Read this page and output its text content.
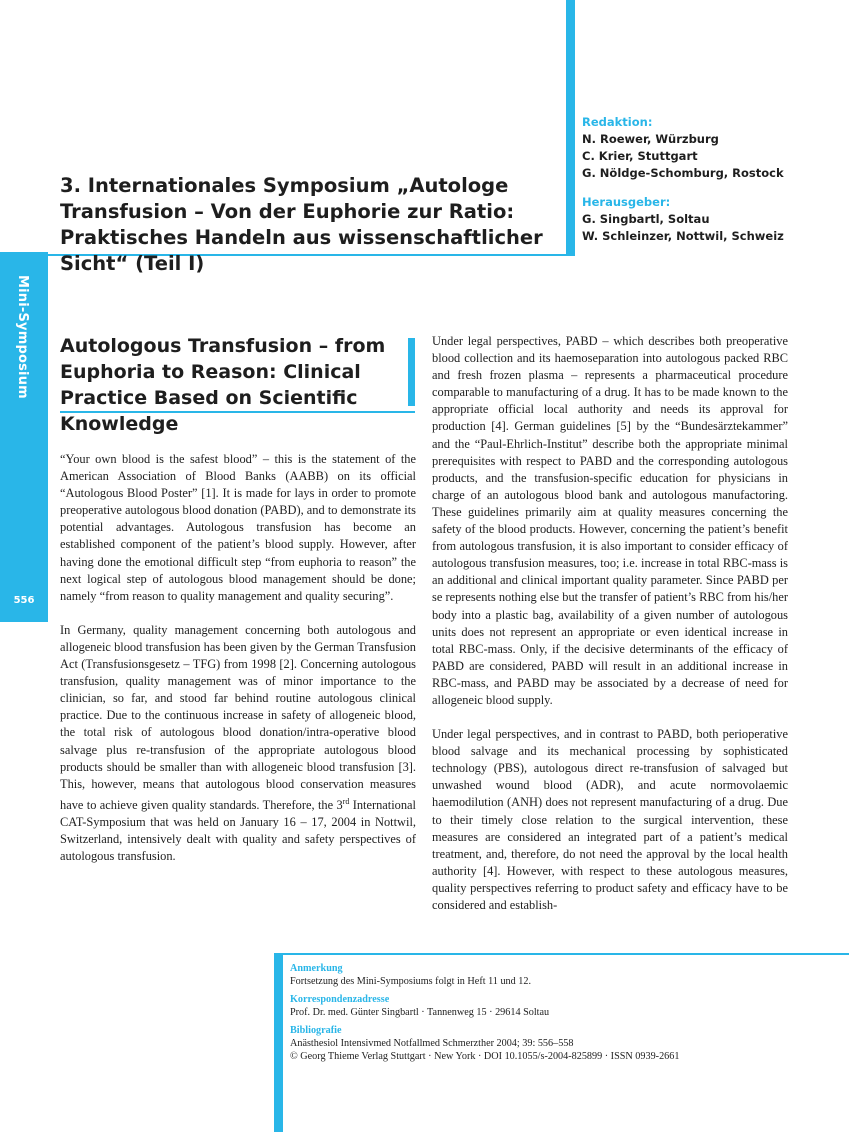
Mini-Symposium
556
Redaktion:
N. Roewer, Würzburg
C. Krier, Stuttgart
G. Nöldge-Schomburg, Rostock
Herausgeber:
G. Singbartl, Soltau
W. Schleinzer, Nottwil, Schweiz
3. Internationales Symposium „Autologe Transfusion – Von der Euphorie zur Ratio: Praktisches Handeln aus wissenschaftlicher Sicht“ (Teil I)
Autologous Transfusion – from Euphoria to Reason: Clinical Practice Based on Scientific Knowledge

“Your own blood is the safest blood” – this is the statement of the American Association of Blood Banks (AABB) on its official “Autologous Blood Poster” [1]. It is made for lays in order to promote preoperative autologous blood donation (PABD), and to demonstrate its potential advantages. Autologous transfusion has become an established component of the patient’s blood supply. However, after having done the emotional difficult step “from euphoria to reason” the next logical step of autologous blood management should be done; namely “from reason to quality management and quality securing”.

In Germany, quality management concerning both autologous and allogeneic blood transfusion has been given by the German Transfusion Act (Transfusionsgesetz – TFG) from 1998 [2]. Concerning autologous transfusion, quality management was of minor importance to the clinician, so far, and stood far behind routine autologous clinical practice. Due to the continuous increase in safety of allogeneic blood, the total risk of autologous blood donation/intra-operative blood salvage plus re-transfusion of the appropriate autologous blood products should be smaller than with allogeneic blood transfusion [3]. This, however, means that autologous blood conservation measures have to achieve given quality standards. Therefore, the 3rd International CAT-Symposium that was held on January 16 – 17, 2004 in Nottwil, Switzerland, intensively dealt with quality and safety perspectives of autologous transfusion.

Under legal perspectives, PABD – which describes both preoperative blood collection and its haemoseparation into autologous packed RBC and fresh frozen plasma – represents a pharmaceutical procedure comparable to manufacturing of a drug. It has to be made known to the appropriate official local authority and needs its approval for production [4]. German guidelines [5] by the “Bundesärztekammer” and the “Paul-Ehrlich-Institut” describe both the appropriate minimal prerequisites with respect to PABD and the corresponding autologous products, and the transfusion-specific education for physicians in charge of an autologous blood bank and autologous manufactoring. These guidelines primarily aim at quality measures concerning the safety of the blood products. However, concerning the patient’s benefit from autologous transfusion, it is also important to consider efficacy of autologous transfusion measures, too; i.e. increase in total RBC-mass is an additional and clinical important quality parameter. Since PABD per se represents nothing else but the transfer of patient’s RBC from his/her body into a plastic bag, availability of a given number of autologous units does not represent an appropriate or even identical increase in total RBC-mass. Only, if the decisive determinants of the efficacy of PABD are considered, PABD will result in an additional increase in RBC-mass, and PABD may be associated by a decrease of need for allogeneic blood supply.

Under legal perspectives, and in contrast to PABD, both perioperative blood salvage and its mechanical processing by sophisticated technology (PBS), autologous direct re-transfusion of salvaged but unwashed wound blood (ADR), and acute normovolaemic haemodilution (ANH) does not represent manufacturing of a drug. Due to their timely close relation to the surgical intervention, these measures are considered an integrated part of a patient’s medical treatment, and, therefore, do not need the approval by the local health authority [4]. However, with respect to these autologous measures, quality perspectives referring to product safety and efficacy have to be considered and establish-

Anmerkung
Fortsetzung des Mini-Symposiums folgt in Heft 11 und 12.
Korrespondenzadresse
Prof. Dr. med. Günter Singbartl · Tannenweg 15 · 29614 Soltau
Bibliografie
Anästhesiol Intensivmed Notfallmed Schmerzther 2004; 39: 556–558
© Georg Thieme Verlag Stuttgart · New York · DOI 10.1055/s-2004-825899 · ISSN 0939-2661
